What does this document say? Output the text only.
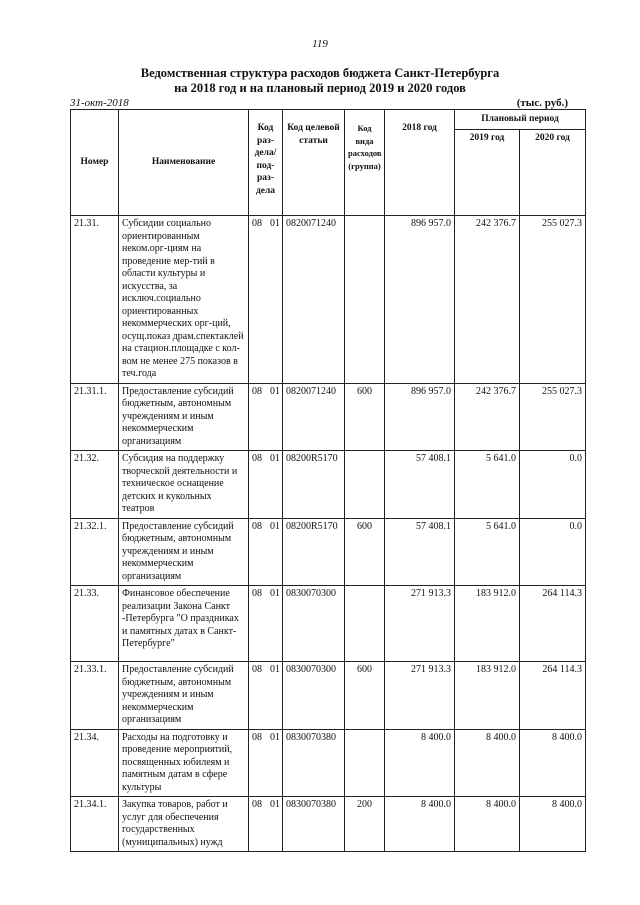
119
Ведомственная структура расходов бюджета Санкт-Петербурга
на 2018 год и на плановый период 2019 и 2020 годов
31-окт-2018	(тыс. руб.)
Номер	Наименование	Код раз-дела/ под-раз-дела	Код целевой статьи	Код вида расходов (группа)	2018 год	Плановый период	
						2019 год	2020 год
21.31.	Субсидии социально ориентированным неком.орг-циям на проведение мер-тий в области культуры и искусства, за исключ.социально ориентированных некоммерческих орг-ций, осущ.показ драм.спектаклей на стацион.площадке с кол-вом не менее 275 показов в теч.года	08 01	0820071240		896 957.0	242 376.7	255 027.3
21.31.1.	Предоставление субсидий бюджетным, автономным учреждениям и иным некоммерческим организациям	08 01	0820071240	600	896 957.0	242 376.7	255 027.3
21.32.	Субсидия на поддержку творческой деятельности и техническое оснащение детских и кукольных театров	08 01	08200R5170		57 408.1	5 641.0	0.0
21.32.1.	Предоставление субсидий бюджетным, автономным учреждениям и иным некоммерческим организациям	08 01	08200R5170	600	57 408.1	5 641.0	0.0
21.33.	Финансовое обеспечение реализации Закона Санкт -Петербурга "О праздниках и памятных датах в Санкт-Петербурге"	08 01	0830070300		271 913.3	183 912.0	264 114.3
21.33.1.	Предоставление субсидий бюджетным, автономным учреждениям и иным некоммерческим организациям	08 01	0830070300	600	271 913.3	183 912.0	264 114.3
21.34.	Расходы на подготовку и проведение мероприятий, посвященных юбилеям и памятным датам в сфере культуры	08 01	0830070380		8 400.0	8 400.0	8 400.0
21.34.1.	Закупка товаров, работ и услуг для обеспечения государственных (муниципальных) нужд	08 01	0830070380	200	8 400.0	8 400.0	8 400.0
